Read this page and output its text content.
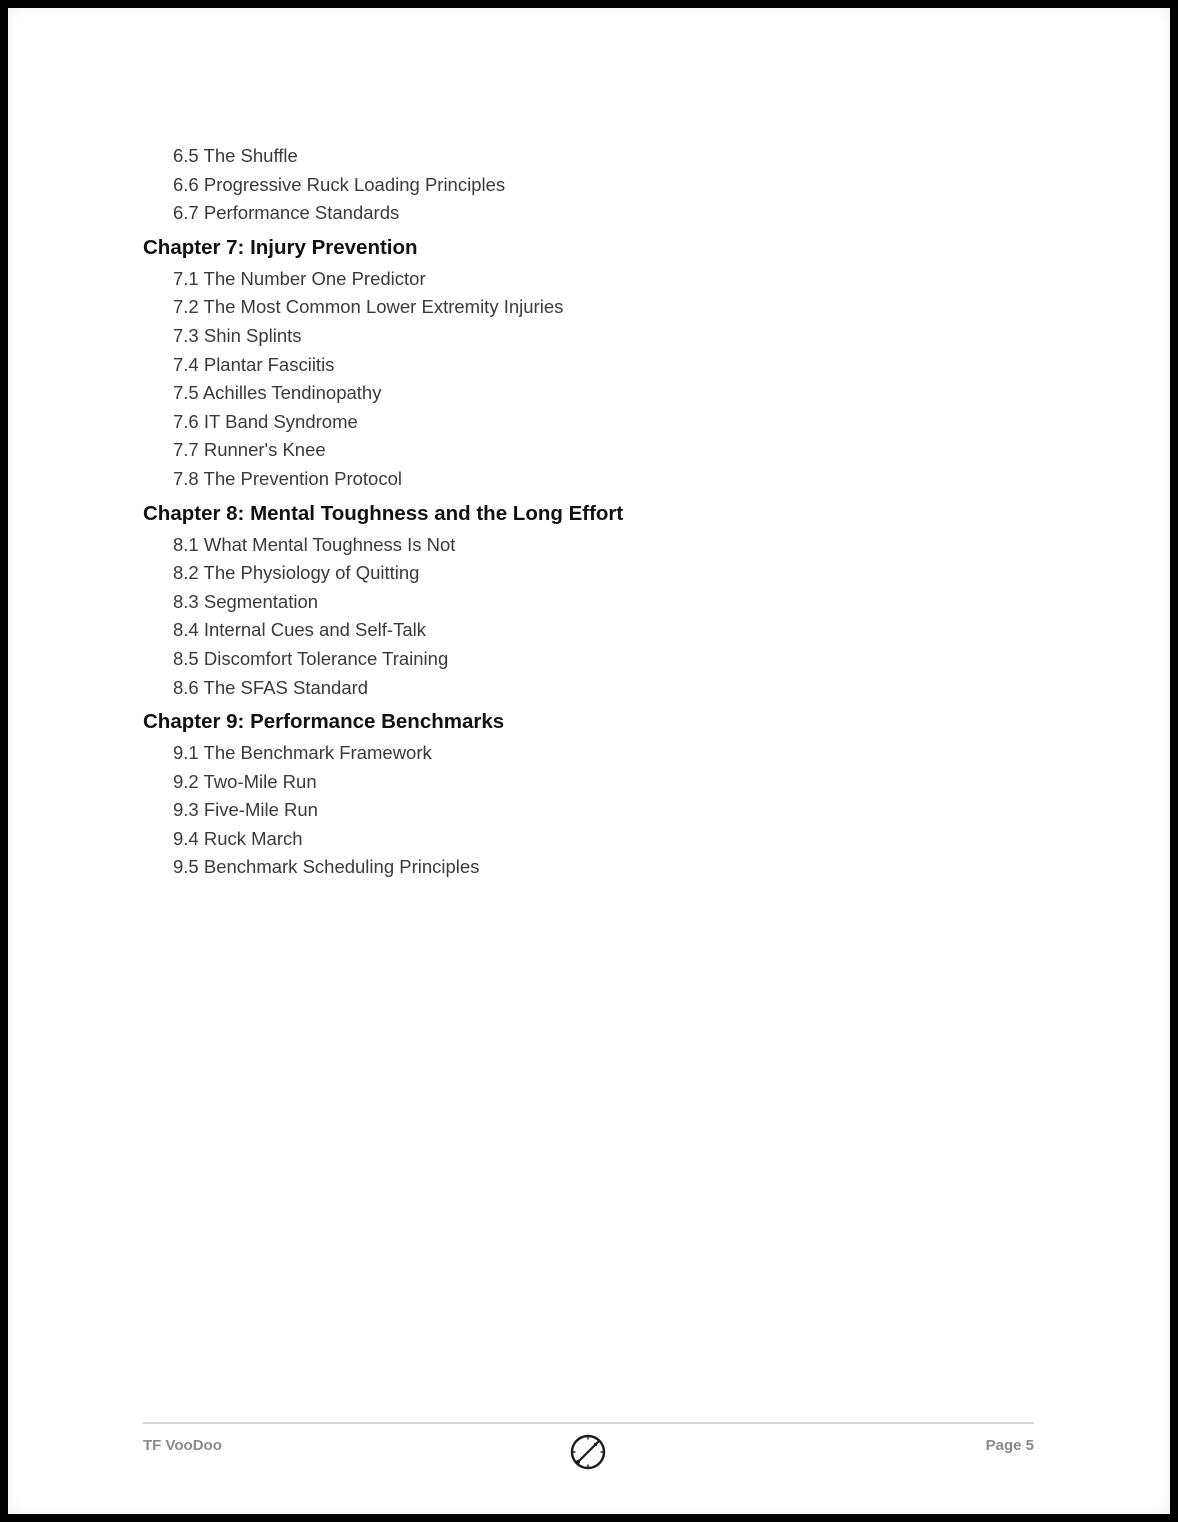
6.5 The Shuffle
6.6 Progressive Ruck Loading Principles
6.7 Performance Standards
Chapter 7: Injury Prevention
7.1 The Number One Predictor
7.2 The Most Common Lower Extremity Injuries
7.3 Shin Splints
7.4 Plantar Fasciitis
7.5 Achilles Tendinopathy
7.6 IT Band Syndrome
7.7 Runner's Knee
7.8 The Prevention Protocol
Chapter 8: Mental Toughness and the Long Effort
8.1 What Mental Toughness Is Not
8.2 The Physiology of Quitting
8.3 Segmentation
8.4 Internal Cues and Self-Talk
8.5 Discomfort Tolerance Training
8.6 The SFAS Standard
Chapter 9: Performance Benchmarks
9.1 The Benchmark Framework
9.2 Two-Mile Run
9.3 Five-Mile Run
9.4 Ruck March
9.5 Benchmark Scheduling Principles
TF VooDoo	Page 5
